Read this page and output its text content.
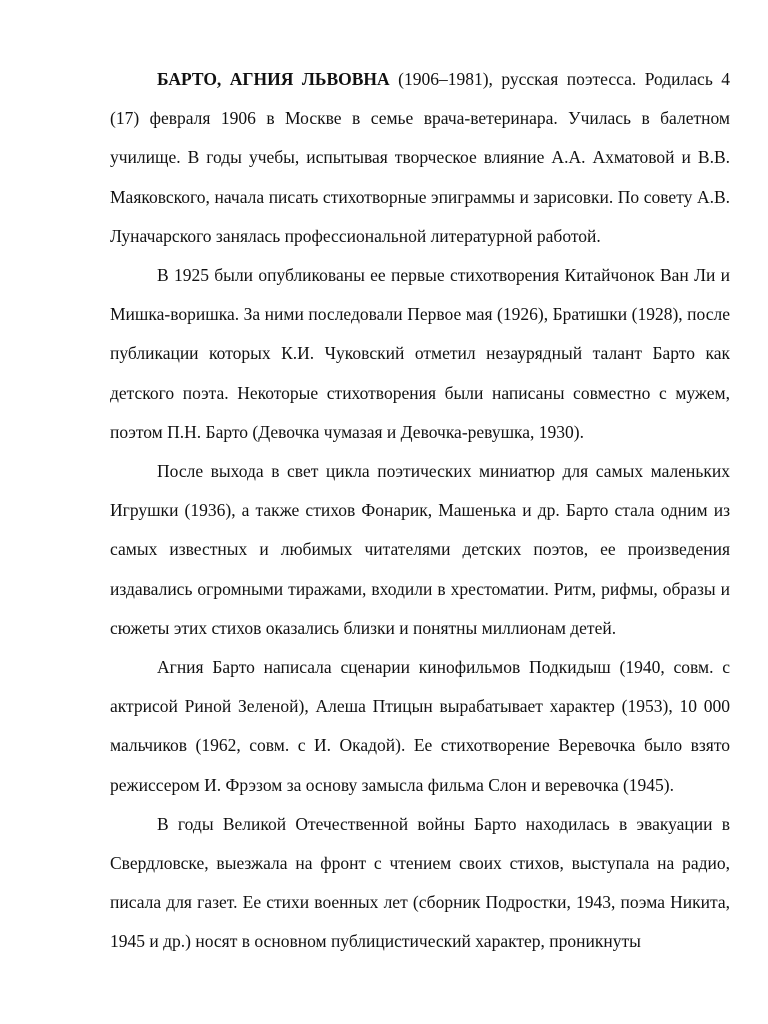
БАРТО, АГНИЯ ЛЬВОВНА (1906–1981), русская поэтесса. Родилась 4 (17) февраля 1906 в Москве в семье врача-ветеринара. Училась в балетном училище. В годы учебы, испытывая творческое влияние А.А. Ахматовой и В.В. Маяковского, начала писать стихотворные эпиграммы и зарисовки. По совету А.В. Луначарского занялась профессиональной литературной работой.

В 1925 были опубликованы ее первые стихотворения Китайчонок Ван Ли и Мишка-воришка. За ними последовали Первое мая (1926), Братишки (1928), после публикации которых К.И. Чуковский отметил незаурядный талант Барто как детского поэта. Некоторые стихотворения были написаны совместно с мужем, поэтом П.Н. Барто (Девочка чумазая и Девочка-ревушка, 1930).

После выхода в свет цикла поэтических миниатюр для самых маленьких Игрушки (1936), а также стихов Фонарик, Машенька и др. Барто стала одним из самых известных и любимых читателями детских поэтов, ее произведения издавались огромными тиражами, входили в хрестоматии. Ритм, рифмы, образы и сюжеты этих стихов оказались близки и понятны миллионам детей.

Агния Барто написала сценарии кинофильмов Подкидыш (1940, совм. с актрисой Риной Зеленой), Алеша Птицын вырабатывает характер (1953), 10 000 мальчиков (1962, совм. с И. Окадой). Ее стихотворение Веревочка было взято режиссером И. Фрэзом за основу замысла фильма Слон и веревочка (1945).

В годы Великой Отечественной войны Барто находилась в эвакуации в Свердловске, выезжала на фронт с чтением своих стихов, выступала на радио, писала для газет. Ее стихи военных лет (сборник Подростки, 1943, поэма Никита, 1945 и др.) носят в основном публицистический характер, проникнуты
